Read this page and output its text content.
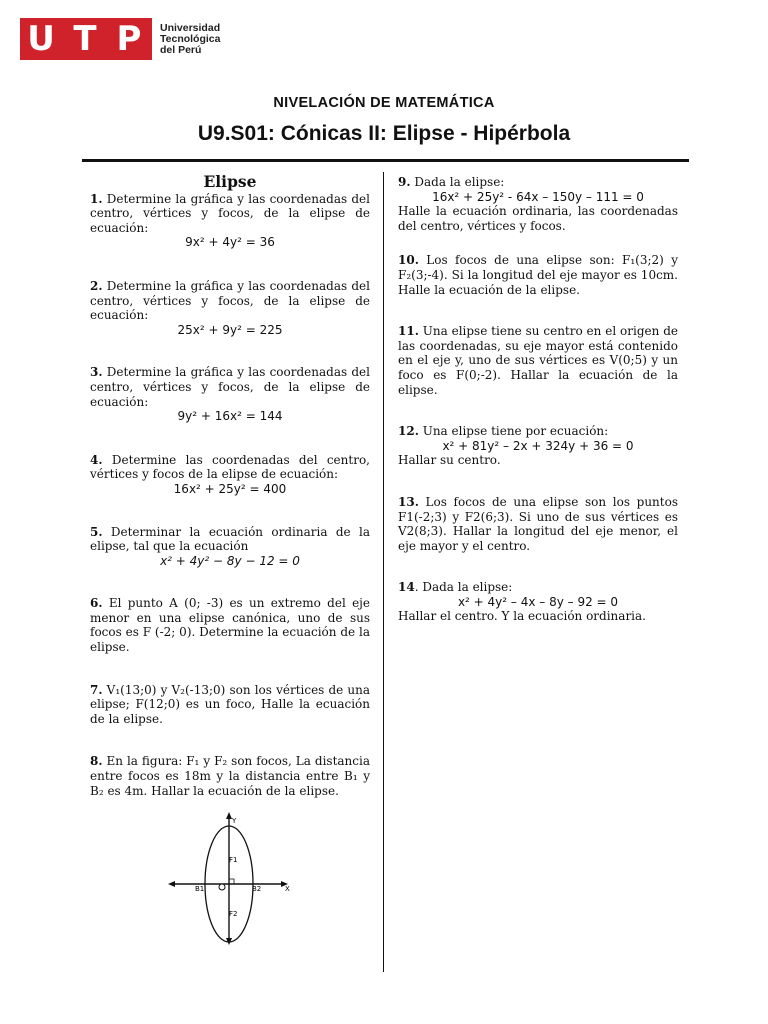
U T P	Universidad
Tecnológica
del Perú
NIVELACIÓN DE MATEMÁTICA
U9.S01: Cónicas II: Elipse - Hipérbola
Elipse

1. Determine la gráfica y las coordenadas del centro, vértices y focos, de la elipse de ecuación:

9x² + 4y² = 36

2. Determine la gráfica y las coordenadas del centro, vértices y focos, de la elipse de ecuación:

25x² + 9y² = 225

3. Determine la gráfica y las coordenadas del centro, vértices y focos, de la elipse de ecuación:

9y² + 16x² = 144

4. Determine las coordenadas del centro, vértices y focos de la elipse de ecuación:

16x² + 25y² = 400

5. Determinar la ecuación ordinaria de la elipse, tal que la ecuación

x² + 4y² − 8y − 12 = 0

6. El punto A (0; -3) es un extremo del eje menor en una elipse canónica, uno de sus focos es F (-2; 0). Determine la ecuación de la elipse.

7. V₁(13;0) y V₂(-13;0) son los vértices de una elipse; F(12;0) es un foco, Halle la ecuación de la elipse.

8. En la figura: F₁ y F₂ son focos, La distancia entre focos es 18m y la distancia entre B₁ y B₂ es 4m. Hallar la ecuación de la elipse.

Y
X
F1
F2
B1	B2

9. Dada la elipse:

16x² + 25y² - 64x – 150y – 111 = 0

Halle la ecuación ordinaria, las coordenadas del centro, vértices y focos.

10. Los focos de una elipse son: F₁(3;2) y F₂(3;-4). Si la longitud del eje mayor es 10cm. Halle la ecuación de la elipse.

11. Una elipse tiene su centro en el origen de las coordenadas, su eje mayor está contenido en el eje y, uno de sus vértices es V(0;5) y un foco es F(0;-2). Hallar la ecuación de la elipse.

12. Una elipse tiene por ecuación:

x² + 81y² – 2x + 324y + 36 = 0

Hallar su centro.

13. Los focos de una elipse son los puntos F1(-2;3) y F2(6;3). Si uno de sus vértices es V2(8;3). Hallar la longitud del eje menor, el eje mayor y el centro.

14. Dada la elipse:

x² + 4y² – 4x – 8y – 92 = 0

Hallar el centro. Y la ecuación ordinaria.
